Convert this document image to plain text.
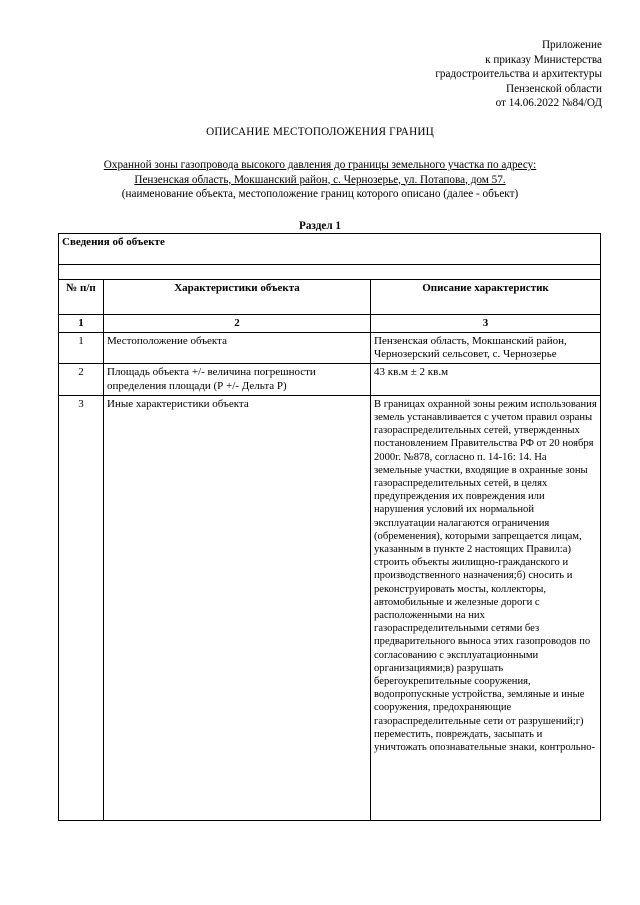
Приложение
к приказу Министерства
градостроительства и архитектуры
Пензенской области
от 14.06.2022 №84/ОД
ОПИСАНИЕ МЕСТОПОЛОЖЕНИЯ ГРАНИЦ
Охранной зоны газопровода высокого давления до границы земельного участка по адресу:
Пензенская область, Мокшанский район, с. Чернозерье, ул. Потапова, дом 57.
(наименование объекта, местоположение границ которого описано (далее - объект)
Раздел 1
Сведения об объекте		

№ п/п	Характеристики объекта	Описание характеристик
1	2	3
1	Местоположение объекта	Пензенская область, Мокшанский район, Чернозерский сельсовет, с. Чернозерье
2	Площадь объекта +/- величина погрешности определения площади (Р +/- Дельта Р)	43 кв.м ± 2 кв.м
3	Иные характеристики объекта	В границах охранной зоны режим использования земель устанавливается с учетом правил озраны газораспределительных сетей, утвержденных постановлением Правительства РФ от 20 ноября 2000г. №878, согласно п. 14-16: 14. На земельные участки, входящие в охранные зоны газораспределительных сетей, в целях предупреждения их повреждения или нарушения условий их нормальной эксплуатации налагаются ограничения (обременения), которыми запрещается лицам, указанным в пункте 2 настоящих Правил:а) строить объекты жилищно-гражданского и производственного назначения;б) сносить и реконструировать мосты, коллекторы, автомобильные и железные дороги с расположенными на них газораспределительными сетями без предварительного выноса этих газопроводов по согласованию с эксплуатационными организациями;в) разрушать берегоукрепительные сооружения, водопропускные устройства, земляные и иные сооружения, предохраняющие газораспределительные сети от разрушений;г) переместить, повреждать, засыпать и уничтожать опознавательные знаки, контрольно-
